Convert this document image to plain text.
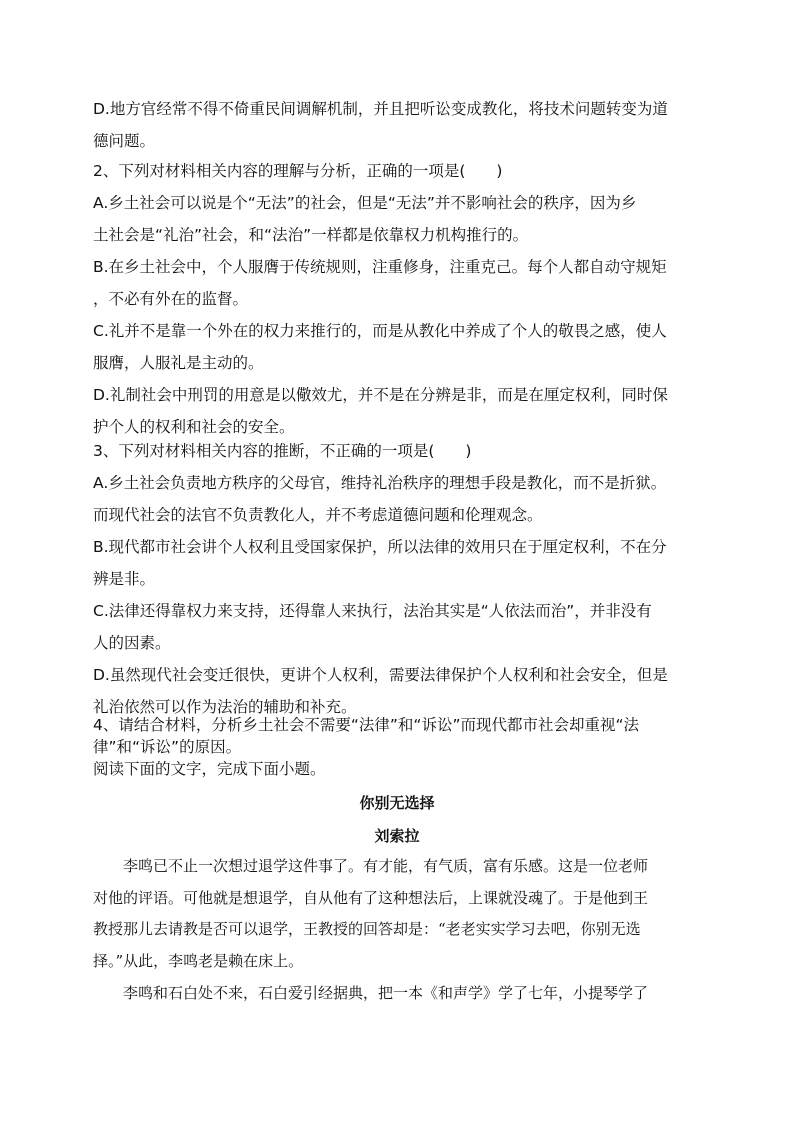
D.地方官经常不得不倚重民间调解机制，并且把听讼变成教化，将技术问题转变为道

德问题。

2、下列对材料相关内容的理解与分析，正确的一项是(　　)

A.乡土社会可以说是个“无法”的社会，但是“无法”并不影响社会的秩序，因为乡

土社会是“礼治”社会，和“法治”一样都是依靠权力机构推行的。

B.在乡土社会中，个人服膺于传统规则，注重修身，注重克己。每个人都自动守规矩

，不必有外在的监督。

C.礼并不是靠一个外在的权力来推行的，而是从教化中养成了个人的敬畏之感，使人

服膺，人服礼是主动的。

D.礼制社会中刑罚的用意是以儆效尤，并不是在分辨是非，而是在厘定权利，同时保

护个人的权利和社会的安全。

3、下列对材料相关内容的推断，不正确的一项是(　　)

A.乡土社会负责地方秩序的父母官，维持礼治秩序的理想手段是教化，而不是折狱。

而现代社会的法官不负责教化人，并不考虑道德问题和伦理观念。

B.现代都市社会讲个人权利且受国家保护，所以法律的效用只在于厘定权利，不在分

辨是非。

C.法律还得靠权力来支持，还得靠人来执行，法治其实是“人依法而治”，并非没有

人的因素。

D.虽然现代社会变迁很快，更讲个人权利，需要法律保护个人权利和社会安全，但是

礼治依然可以作为法治的辅助和补充。

4、请结合材料，分析乡土社会不需要“法律”和“诉讼”而现代都市社会却重视“法

律”和“诉讼”的原因。

阅读下面的文字，完成下面小题。

你别无选择
刘索拉

李鸣已不止一次想过退学这件事了。有才能，有气质，富有乐感。这是一位老师

对他的评语。可他就是想退学，自从他有了这种想法后，上课就没魂了。于是他到王

教授那儿去请教是否可以退学，王教授的回答却是：“老老实实学习去吧，你别无选

择。”从此，李鸣老是赖在床上。

李鸣和石白处不来，石白爱引经据典，把一本《和声学》学了七年，小提琴学了
